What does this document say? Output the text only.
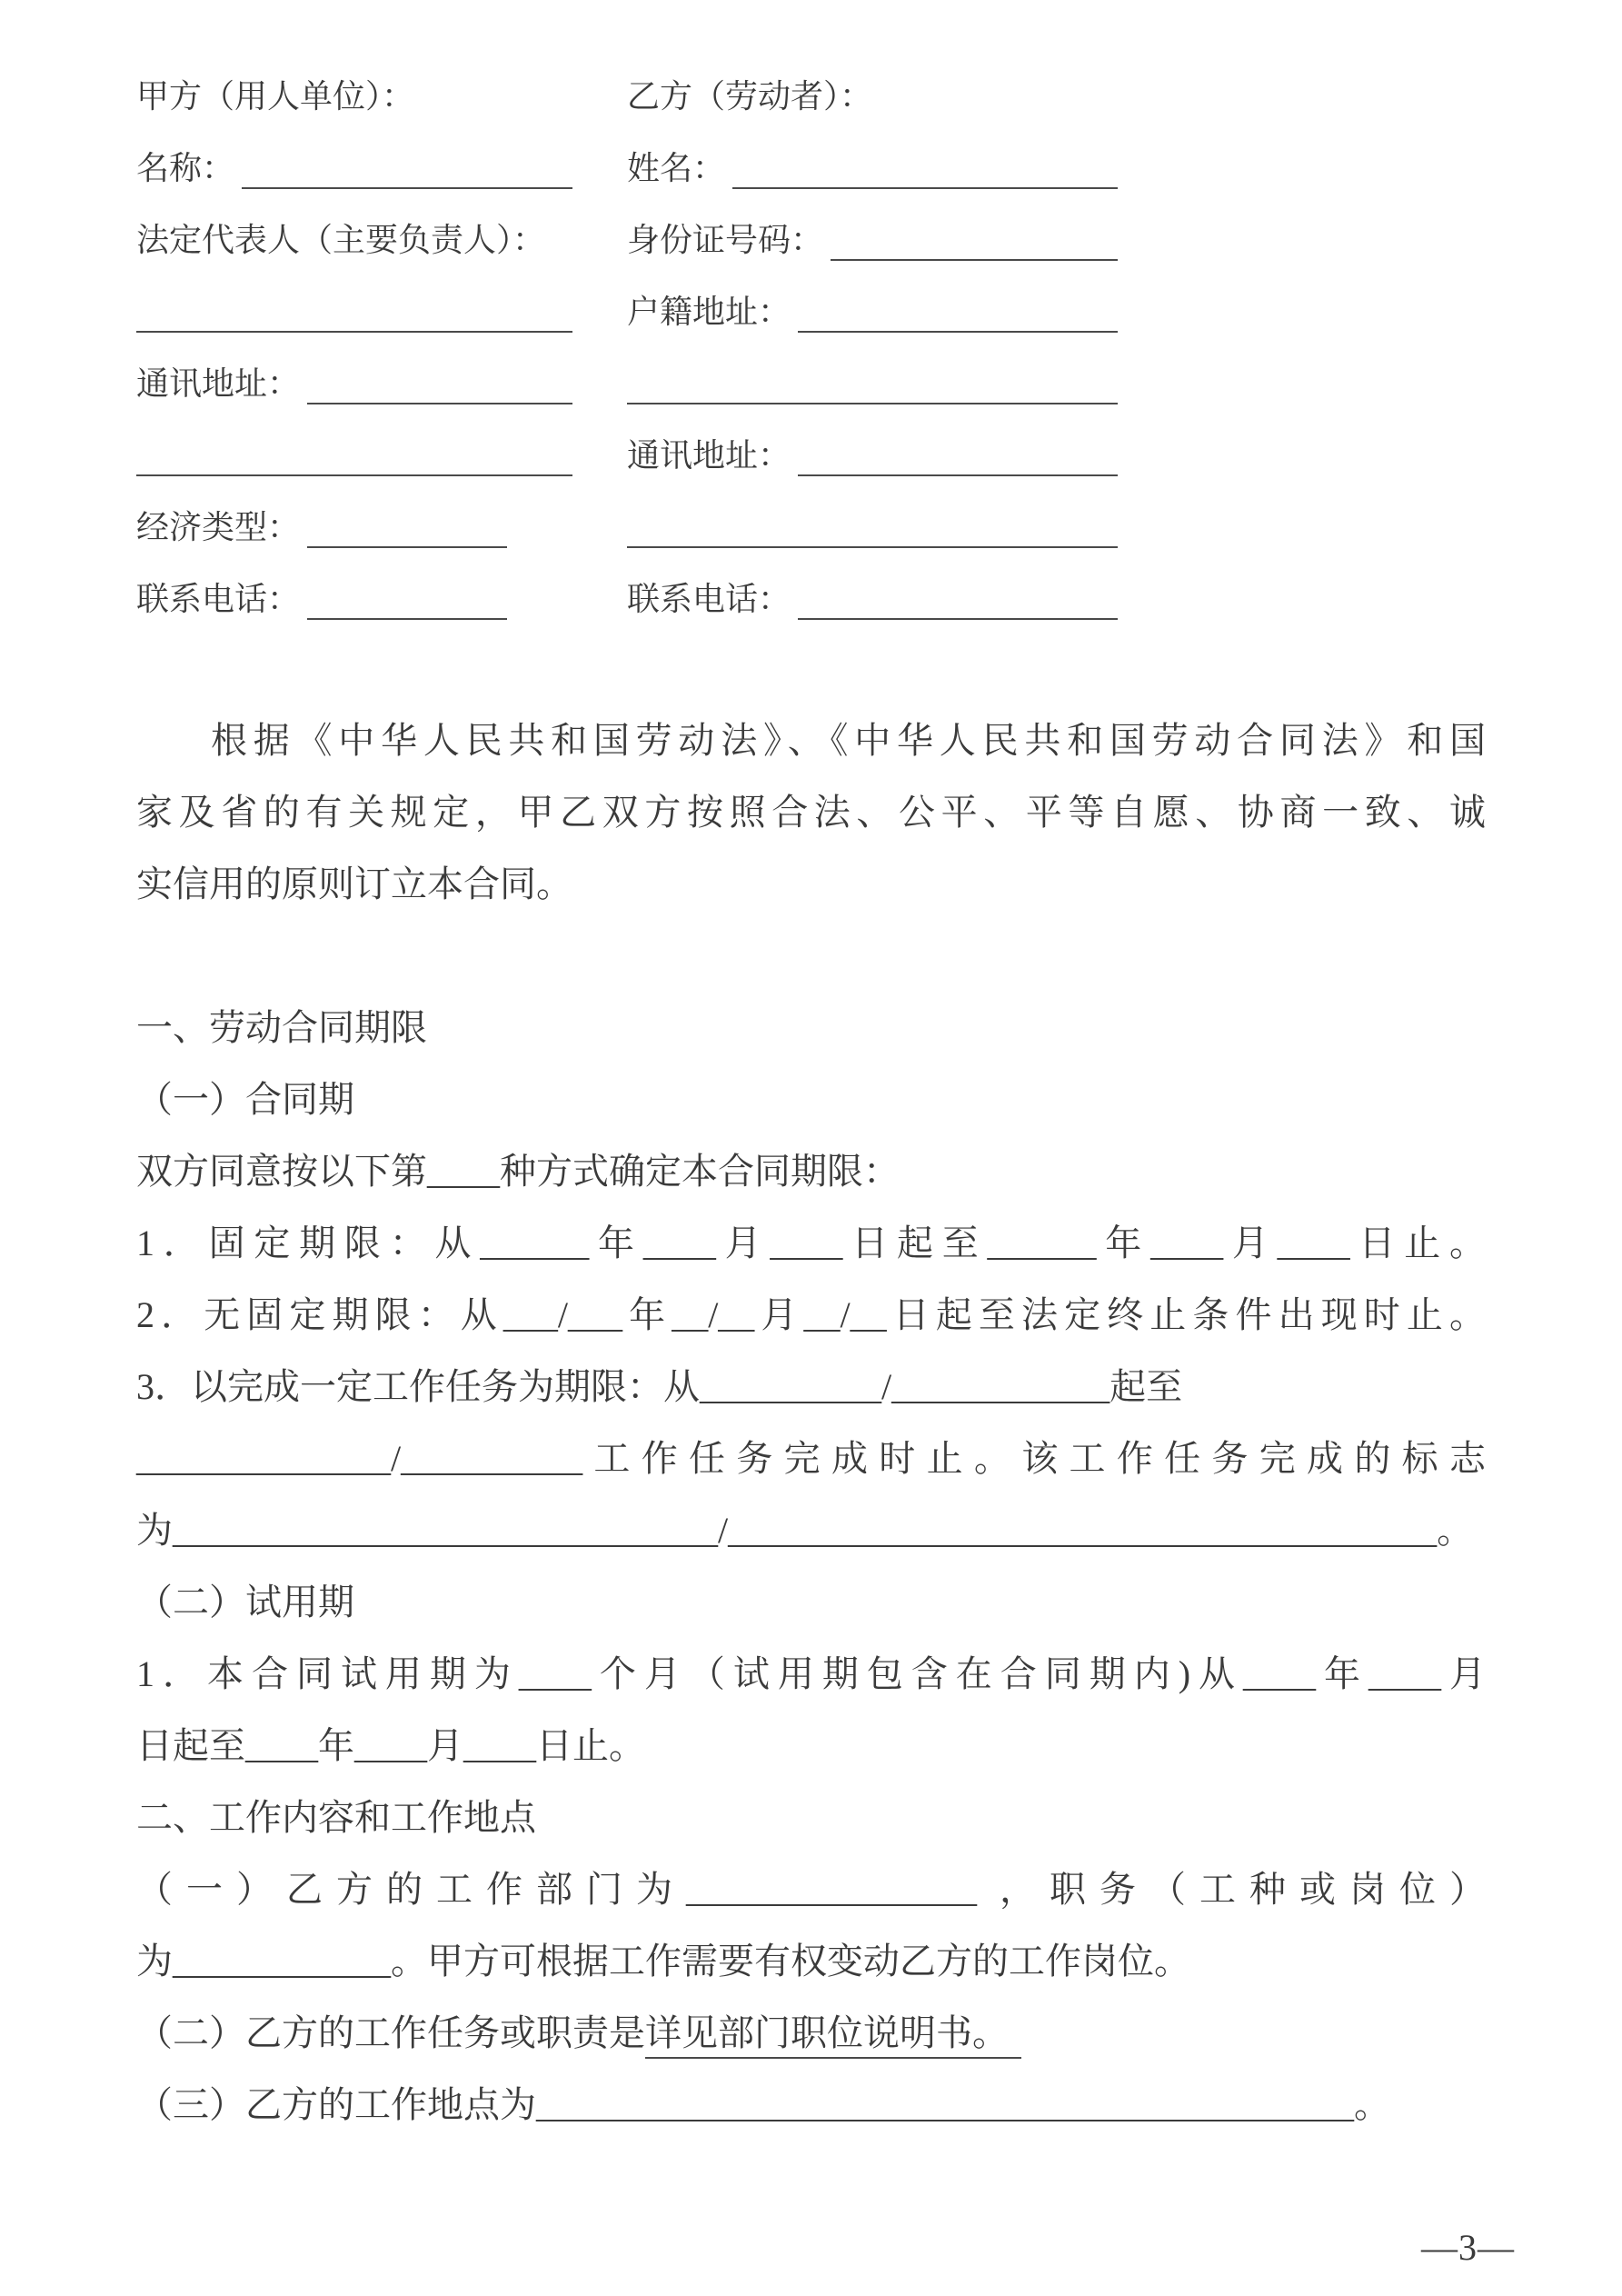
甲方（用人单位）：
名称：
法定代表人（主要负责人）：
通讯地址：
经济类型：
联系电话：
乙方（劳动者）：
姓名：
身份证号码：
户籍地址：
通讯地址：
联系电话：
根据《中华人民共和国劳动法》、《中华人民共和国劳动合同法》和国
家及省的有关规定，甲乙双方按照合法、公平、平等自愿、协商一致、诚
实信用的原则订立本合同。
一、劳动合同期限
（一）合同期
双方同意按以下第____种方式确定本合同期限：
1．固定期限：从______年____月____日起至______年____月____日止。
2．无固定期限：从___/___年__/__月__/__日起至法定终止条件出现时止。
3．以完成一定工作任务为期限：从__________/____________起至
______________/__________工作任务完成时止。该工作任务完成的标志
为______________________________/_______________________________________。
（二）试用期
1．本合同试用期为____个月（试用期包含在合同期内)从____年____月
日起至____年____月____日止。
二、工作内容和工作地点
（一）乙方的工作部门为________________ ，职务（工种或岗位）
为____________。甲方可根据工作需要有权变动乙方的工作岗位。
（二）乙方的工作任务或职责是详见部门职位说明书。
（三）乙方的工作地点为_____________________________________________。
—3—
